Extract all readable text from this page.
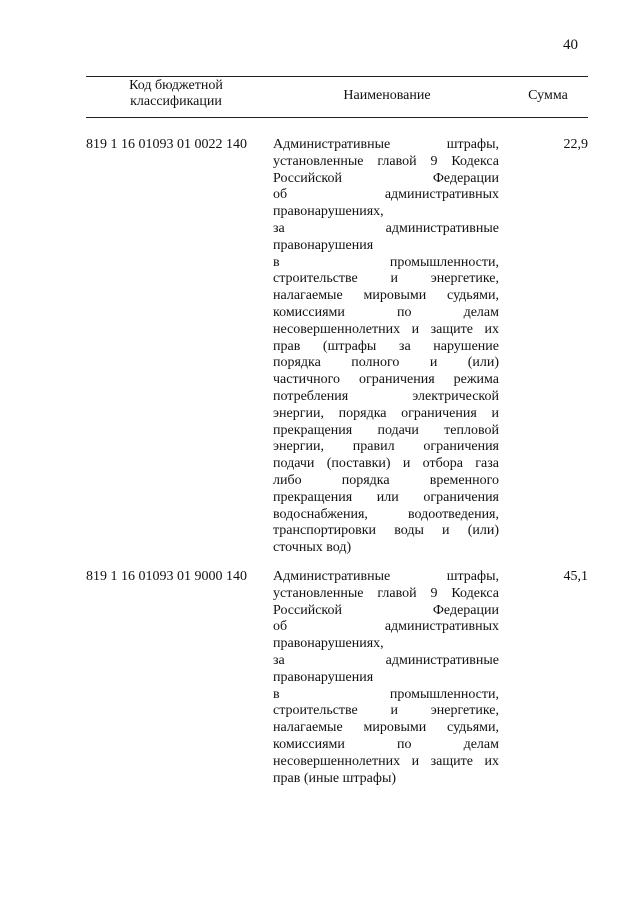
40
Код бюджетной классификации	Наименование	Сумма
819 1 16 01093 01 0022 140 Административные штрафы,
установленные главой 9 Кодекса
Российской Федерации
об административных
правонарушениях,
за административные
правонарушения
в промышленности,
строительстве и энергетике,
налагаемые мировыми судьями,
комиссиями по делам
несовершеннолетних и защите их
прав (штрафы за нарушение
порядка полного и (или)
частичного ограничения режима
потребления электрической
энергии, порядка ограничения и
прекращения подачи тепловой
энергии, правил ограничения
подачи (поставки) и отбора газа
либо порядка временного
прекращения или ограничения
водоснабжения, водоотведения,
транспортировки воды и (или)
сточных вод)
22,9
819 1 16 01093 01 9000 140 Административные штрафы,
установленные главой 9 Кодекса
Российской Федерации
об административных
правонарушениях,
за административные
правонарушения
в промышленности,
строительстве и энергетике,
налагаемые мировыми судьями,
комиссиями по делам
несовершеннолетних и защите их
прав (иные штрафы)
45,1
